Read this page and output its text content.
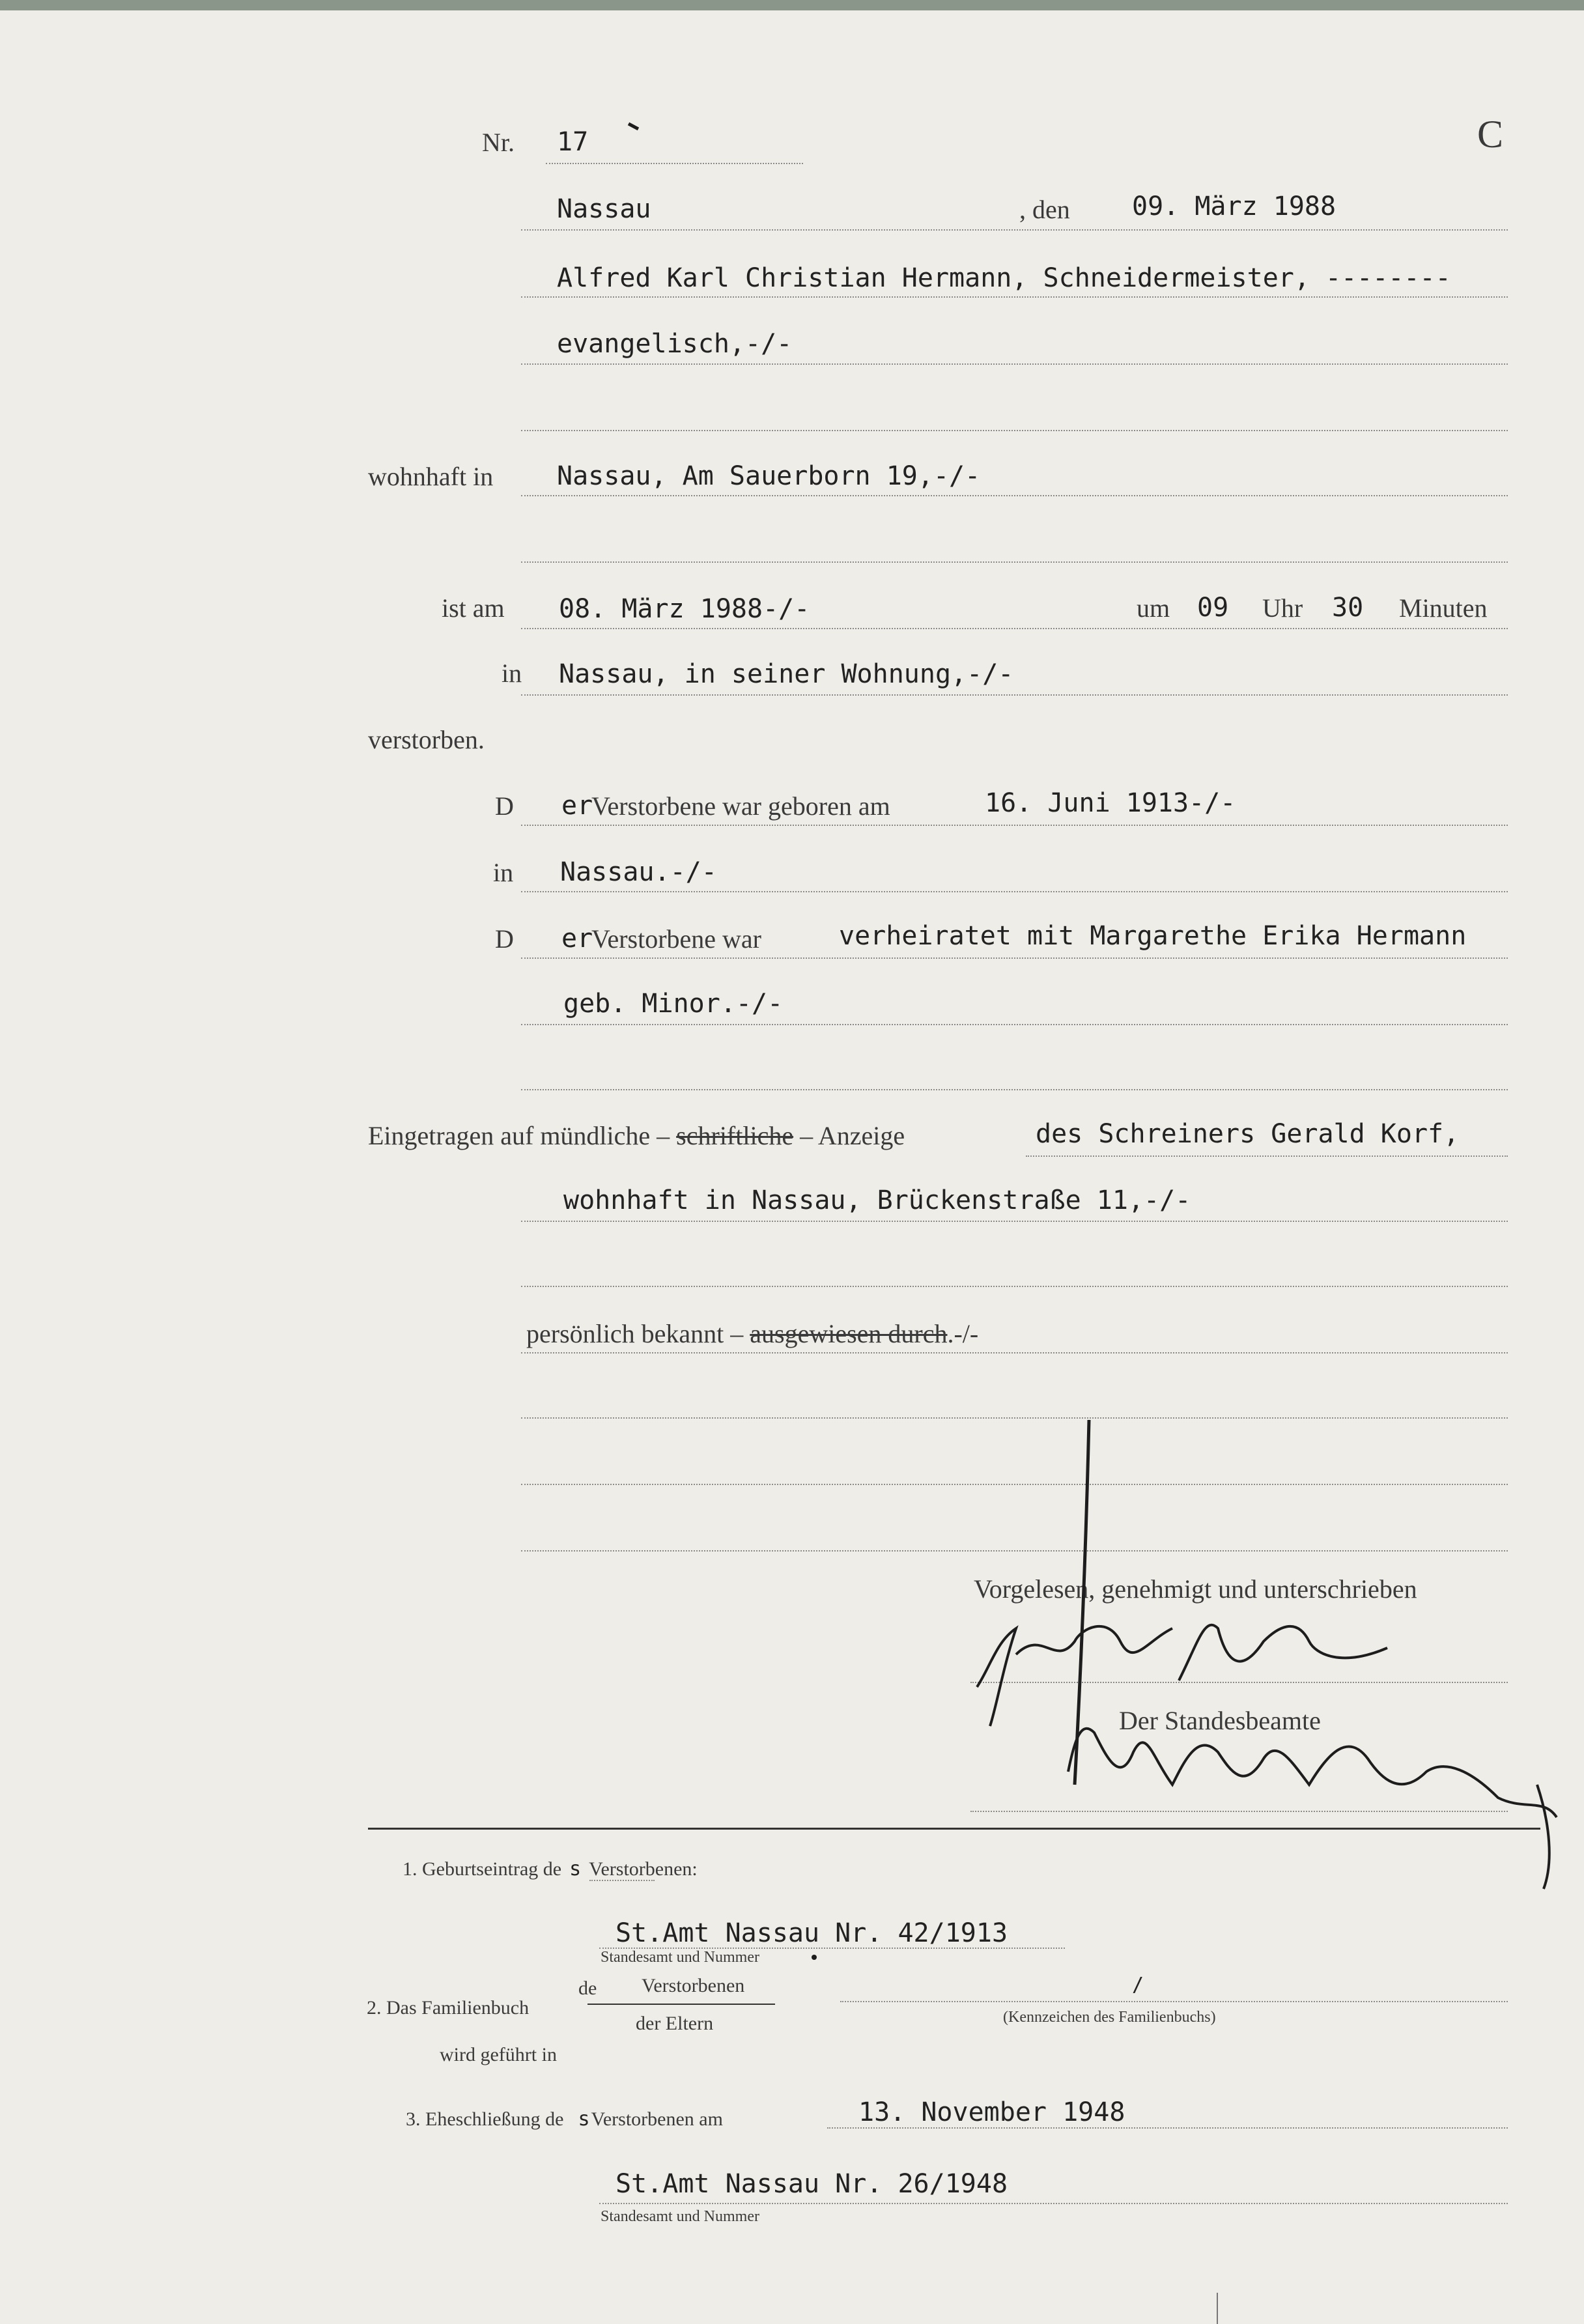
Nr. 17	C
Nassau	, den 09. März 1988
Alfred Karl Christian Hermann, Schneidermeister, --------
evangelisch,-/-
wohnhaft in Nassau, Am Sauerborn 19,-/-
ist am 08. März 1988-/-	um 09 Uhr 30 Minuten
in Nassau, in seiner Wohnung,-/-
verstorben.
D er
Verstorbene war geboren am	16. Juni 1913-/-
in Nassau.-/-
D er
Verstorbene war	verheiratet mit Margarethe Erika Hermann
geb. Minor.-/-
Eingetragen auf mündliche – schriftliche – Anzeige	des Schreiners Gerald Korf,
wohnhaft in Nassau, Brückenstraße 11,-/-
persönlich bekannt – ausgewiesen durch.-/-
Vorgelesen, genehmigt und unterschrieben
Der Standesbeamte
1. Geburtseintrag de s Verstorbenen:
St.Amt Nassau Nr. 42/1913
Standesamt und Nummer
2. Das Familienbuch
de Verstorbenen
der Eltern
/
(Kennzeichen des Familienbuchs)
wird geführt in
3. Eheschließung de sVerstorbenen am	13. November 1948
St.Amt Nassau Nr. 26/1948
Standesamt und Nummer
